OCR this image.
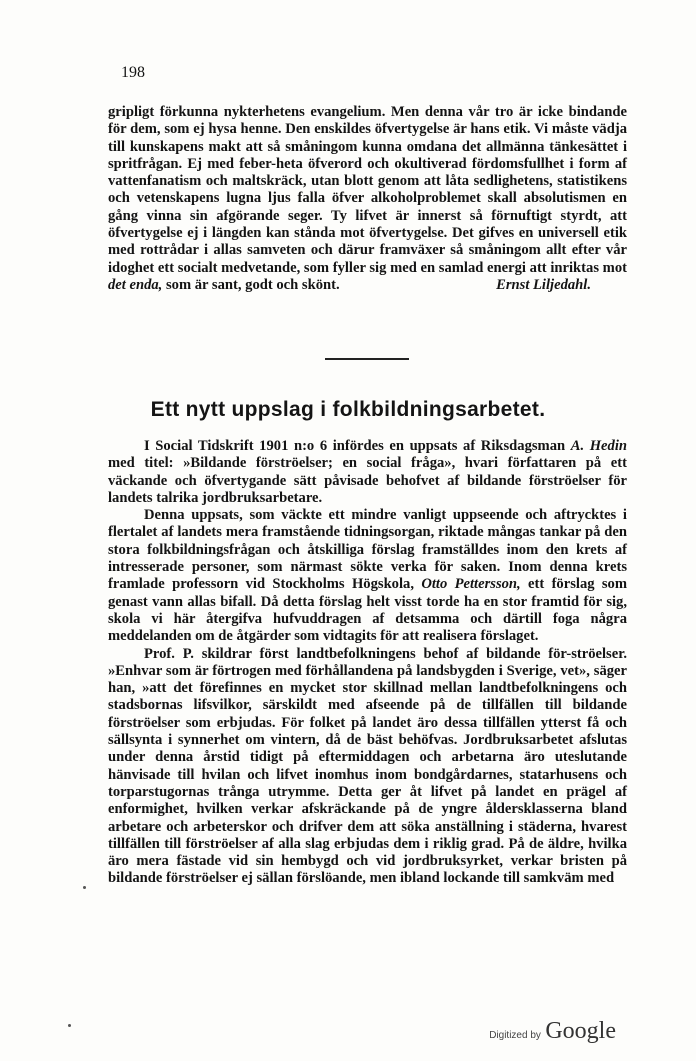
198

gripligt förkunna nykterhetens evangelium. Men denna vår tro är icke bindande för dem, som ej hysa henne. Den enskildes öfvertygelse är hans etik. Vi måste vädja till kunskapens makt att så småningom kunna omdana det allmänna tänkesättet i spritfrågan. Ej med feber-heta öfverord och okultiverad fördomsfullhet i form af vattenfanatism och maltskräck, utan blott genom att låta sedlighetens, statistikens och vetenskapens lugna ljus falla öfver alkoholproblemet skall absolutismen en gång vinna sin afgörande seger. Ty lifvet är innerst så förnuftigt styrdt, att öfvertygelse ej i längden kan stånda mot öfvertygelse. Det gifves en universell etik med rottrådar i allas samveten och därur framväxer så småningom allt efter vår idoghet ett socialt medvetande, som fyller sig med en samlad energi att inriktas mot det enda, som är sant, godt och skönt.	Ernst Liljedahl.

Ett nytt uppslag i folkbildningsarbetet.

I Social Tidskrift 1901 n:o 6 infördes en uppsats af Riksdagsman A. Hedin med titel: »Bildande förströelser; en social fråga», hvari författaren på ett väckande och öfvertygande sätt påvisade behofvet af bildande förströelser för landets talrika jordbruksarbetare.

Denna uppsats, som väckte ett mindre vanligt uppseende och aftrycktes i flertalet af landets mera framstående tidningsorgan, riktade mångas tankar på den stora folkbildningsfrågan och åtskilliga förslag framställdes inom den krets af intresserade personer, som närmast sökte verka för saken. Inom denna krets framlade professorn vid Stockholms Högskola, Otto Pettersson, ett förslag som genast vann allas bifall. Då detta förslag helt visst torde ha en stor framtid för sig, skola vi här återgifva hufvuddragen af detsamma och därtill foga några meddelanden om de åtgärder som vidtagits för att realisera förslaget.

Prof. P. skildrar först landtbefolkningens behof af bildande för-ströelser. »Enhvar som är förtrogen med förhållandena på landsbygden i Sverige, vet», säger han, »att det förefinnes en mycket stor skillnad mellan landtbefolkningens och stadsbornas lifsvilkor, särskildt med afseende på de tillfällen till bildande förströelser som erbjudas. För folket på landet äro dessa tillfällen ytterst få och sällsynta i synnerhet om vintern, då de bäst behöfvas. Jordbruksarbetet afslutas under denna årstid tidigt på eftermiddagen och arbetarna äro uteslutande hänvisade till hvilan och lifvet inomhus inom bondgårdarnes, statarhusens och torparstugornas trånga utrymme. Detta ger åt lifvet på landet en prägel af enformighet, hvilken verkar afskräckande på de yngre åldersklasserna bland arbetare och arbeterskor och drifver dem att söka anställning i städerna, hvarest tillfällen till förströelser af alla slag erbjudas dem i riklig grad. På de äldre, hvilka äro mera fästade vid sin hembygd och vid jordbruksyrket, verkar bristen på bildande förströelser ej sällan förslöande, men ibland lockande till samkväm med

Digitized by Google
